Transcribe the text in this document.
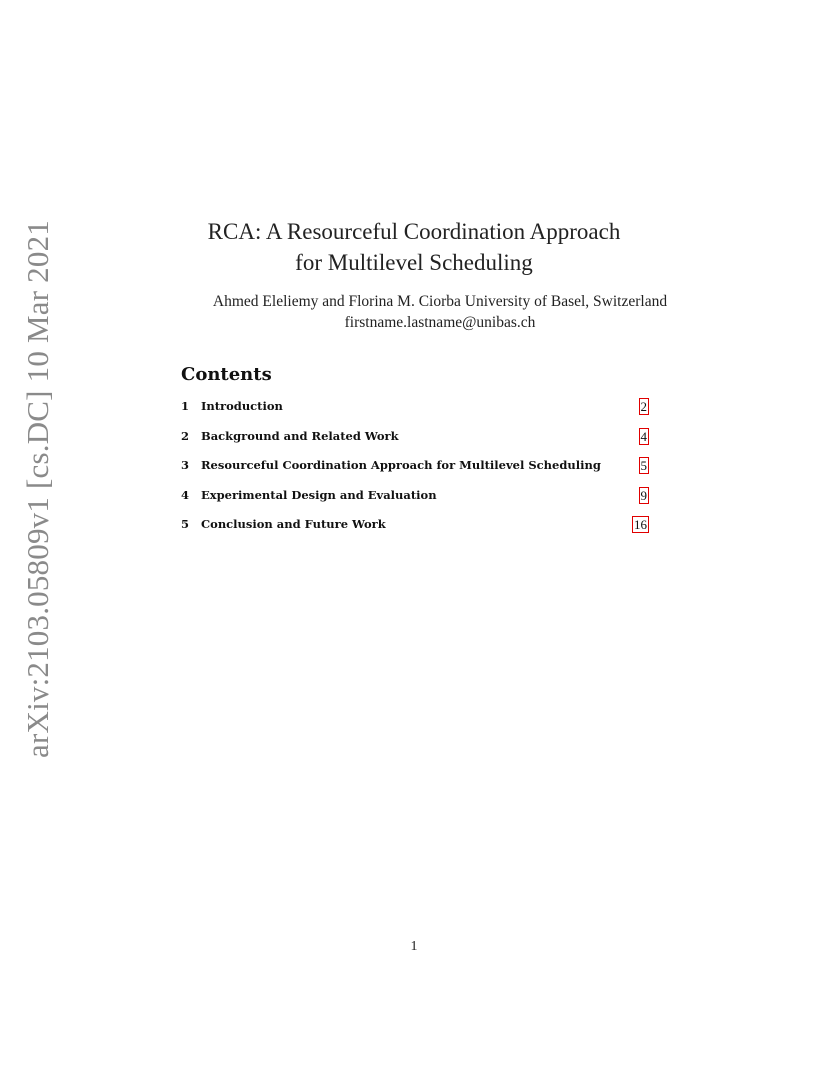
arXiv:2103.05809v1 [cs.DC] 10 Mar 2021	RCA: A Resourceful Coordination Approach
for Multilevel Scheduling
Ahmed Eleliemy and Florina M. Ciorba University of Basel, Switzerland
firstname.lastname@unibas.ch
Contents
1 Introduction	2
2 Background and Related Work	4
3 Resourceful Coordination Approach for Multilevel Scheduling	5
4 Experimental Design and Evaluation	9
5 Conclusion and Future Work	16
1
